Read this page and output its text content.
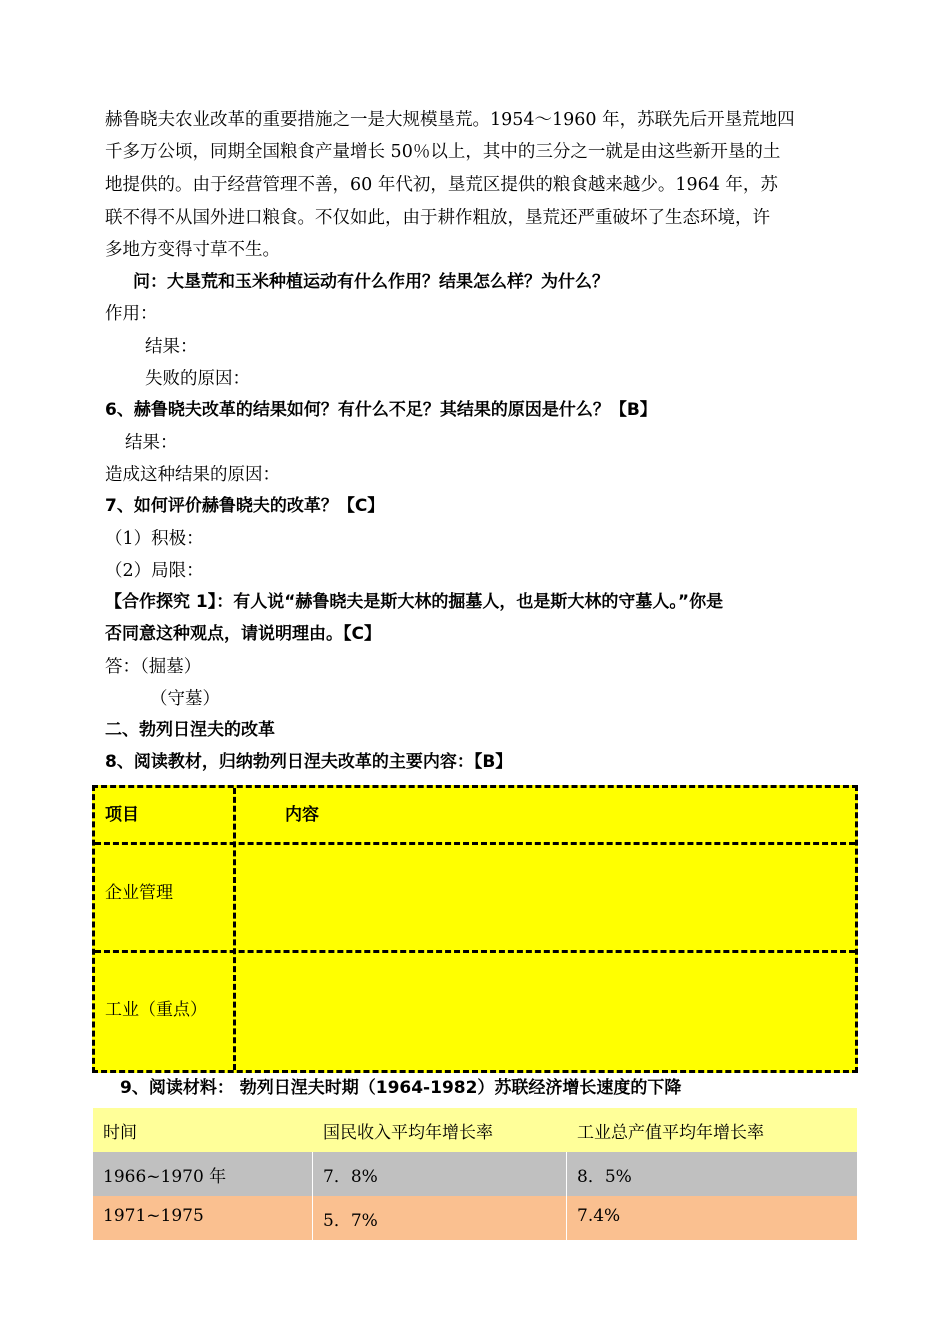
赫鲁晓夫农业改革的重要措施之一是大规模垦荒。1954～1960 年，苏联先后开垦荒地四
千多万公顷，同期全国粮食产量增长 50％以上，其中的三分之一就是由这些新开垦的土
地提供的。由于经营管理不善，60 年代初，垦荒区提供的粮食越来越少。1964 年，苏
联不得不从国外进口粮食。不仅如此，由于耕作粗放，垦荒还严重破坏了生态环境，许
多地方变得寸草不生。
问：大垦荒和玉米种植运动有什么作用？结果怎么样？为什么？
作用：
结果：
失败的原因：
6、赫鲁晓夫改革的结果如何？有什么不足？其结果的原因是什么？【B】
结果：
造成这种结果的原因：
7、如何评价赫鲁晓夫的改革？【C】
（1）积极：
（2）局限：
【合作探究 1】：有人说“赫鲁晓夫是斯大林的掘墓人，也是斯大林的守墓人。”你是
否同意这种观点，请说明理由。【C】
答：（掘墓）
（守墓）
二、勃列日涅夫的改革
8、阅读教材，归纳勃列日涅夫改革的主要内容：【B】
项目	内容
企业管理
工业（重点）
9、阅读材料： 勃列日涅夫时期（1964-1982）苏联经济增长速度的下降
时间	国民收入平均年增长率	工业总产值平均年增长率
1966~1970 年	7．8%	8．5%
1971~1975	5．7%	7.4%
